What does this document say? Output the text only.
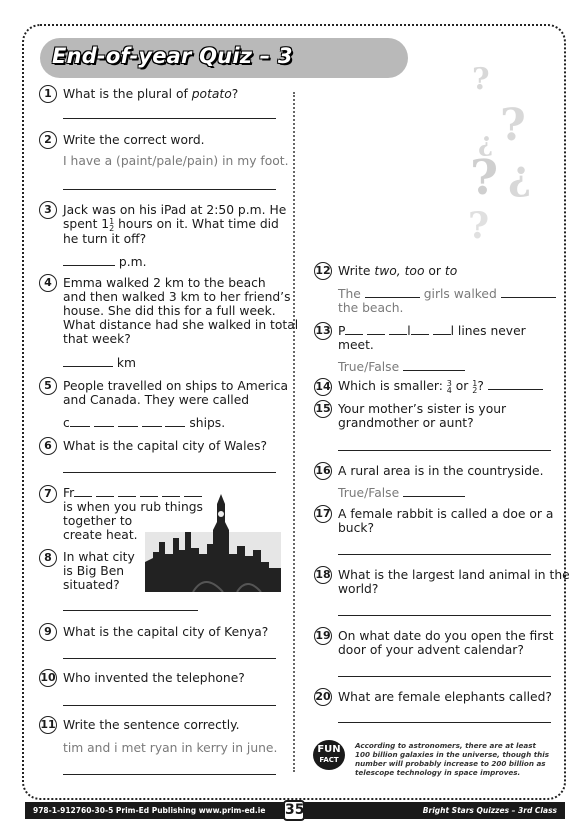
End-of-year Quiz – 3
?
?
¿
? ¿
?
1 What is the plural of potato?
2 Write the correct word.
I have a (paint/pale/pain) in my foot.
3 Jack was on his iPad at 2:50 p.m. He
spent 11
2 hours on it. What time did
he turn it off?
p.m.
4 Emma walked 2 km to the beach
and then walked 3 km to her friend’s
house. She did this for a full week.
What distance had she walked in total
that week?
km
5 People travelled on ships to America
and Canada. They were called
c	ships.
6 What is the capital city of Wales?
7 Fr
is when you rub things
together to
create heat.
8 In what city
is Big Ben
situated?
9 What is the capital city of Kenya?
10 Who invented the telephone?
11 Write the sentence correctly.
tim and i met ryan in kerry in june.
12 Write two, too or to
The	girls walked
the beach.
13 P	l	l lines never
meet.
True/False
14 Which is smaller: 3
4 or 1
2?
15 Your mother’s sister is your
grandmother or aunt?
16 A rural area is in the countryside.
True/False
17 A female rabbit is called a doe or a
buck?
18 What is the largest land animal in the
world?
19 On what date do you open the first
door of your advent calendar?
20 What are female elephants called?
FUN
FACT
According to astronomers, there are at least 100 billion galaxies in the universe, though this number will probably increase to 200 billion as telescope technology in space improves.
978-1-912760-30-5 Prim-Ed Publishing www.prim-ed.ie	Bright Stars Quizzes – 3rd Class
35
